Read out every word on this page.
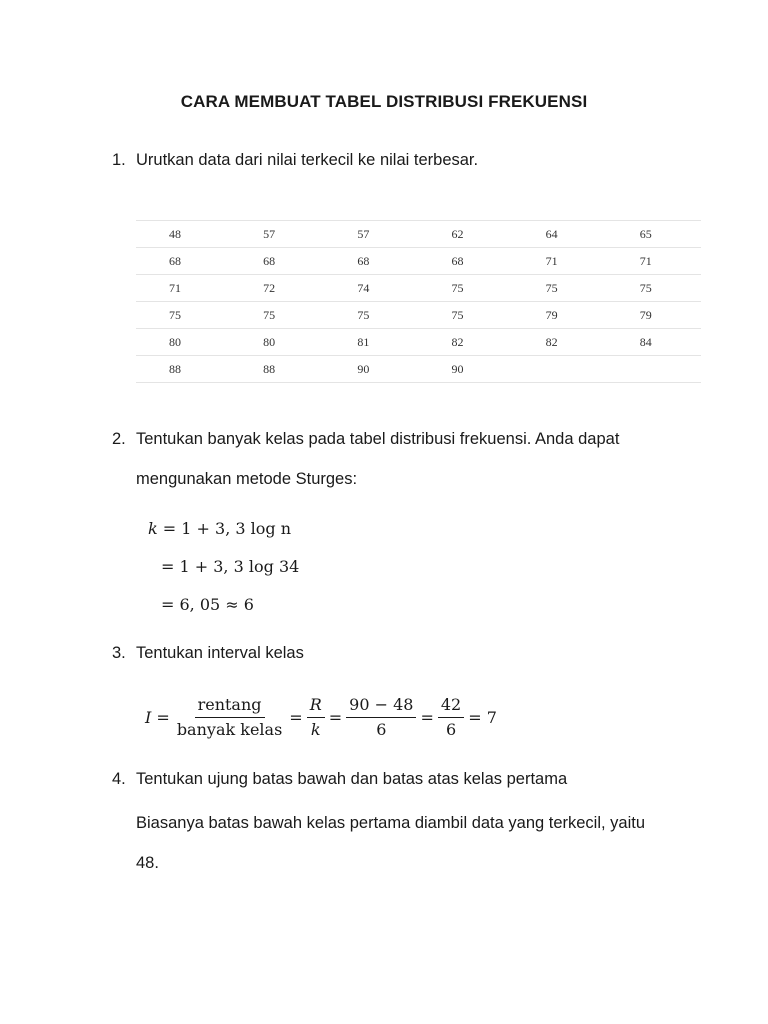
CARA MEMBUAT TABEL DISTRIBUSI FREKUENSI
1. Urutkan data dari nilai terkecil ke nilai terbesar.
48	57	57	62	64	65
68	68	68	68	71	71
71	72	74	75	75	75
75	75	75	75	79	79
80	80	81	82	82	84
88	88	90	90		
2. Tentukan banyak kelas pada tabel distribusi frekuensi. Anda dapat
mengunakan metode Sturges:
k = 1 + 3, 3 log n
= 1 + 3, 3 log 34
= 6, 05 ≈ 6
3. Tentukan interval kelas
$I = \frac{\text{rentang}}{\text{banyak kelas}} = \frac{R}{k} = \frac{90 - 48}{6} = \frac{42}{6} = 7$
4. Tentukan ujung batas bawah dan batas atas kelas pertama
Biasanya batas bawah kelas pertama diambil data yang terkecil, yaitu
48.
